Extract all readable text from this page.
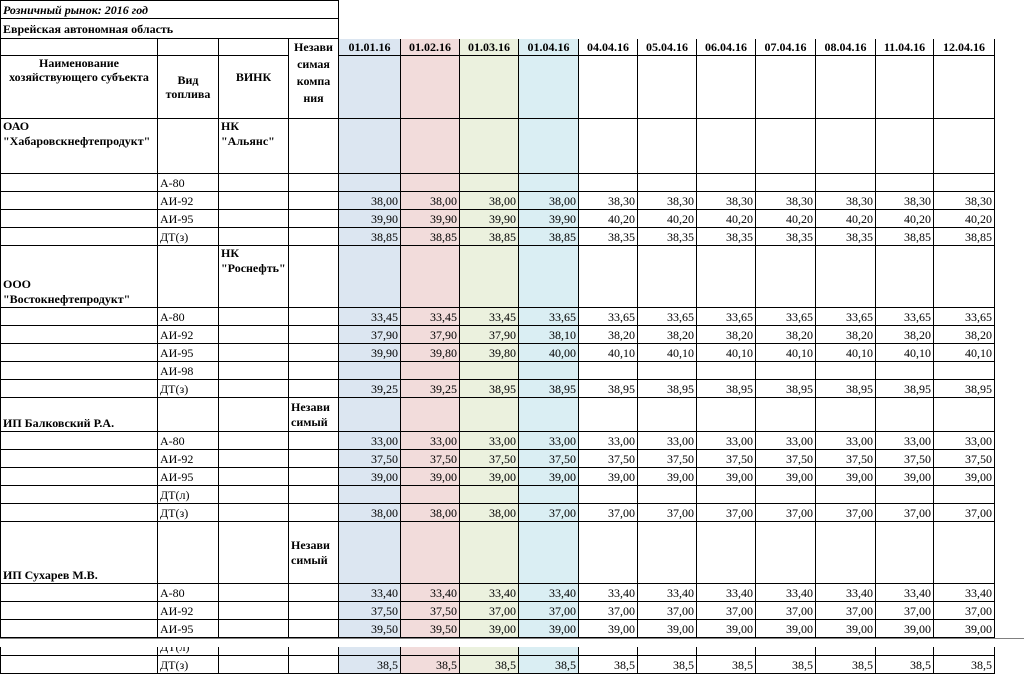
Розничный рынок: 2016 год														
Еврейская автономная область														
			Незави симая компа ния	01.01.16	01.02.16	01.03.16	01.04.16	04.04.16	05.04.16	06.04.16	07.04.16	08.04.16	11.04.16	12.04.16
Наименование хозяйствующего субъекта	Вид топлива	ВИНК												
ОАО "Хабаровскнефтепродукт"		НК "Альянс"												
	А-80													
	АИ-92			38,00	38,00	38,00	38,00	38,30	38,30	38,30	38,30	38,30	38,30	38,30
	АИ-95			39,90	39,90	39,90	39,90	40,20	40,20	40,20	40,20	40,20	40,20	40,20
	ДТ(з)			38,85	38,85	38,85	38,85	38,35	38,35	38,35	38,35	38,35	38,85	38,85
ООО "Востокнефтепродукт"		НК "Роснефть"												
	А-80			33,45	33,45	33,45	33,65	33,65	33,65	33,65	33,65	33,65	33,65	33,65
	АИ-92			37,90	37,90	37,90	38,10	38,20	38,20	38,20	38,20	38,20	38,20	38,20
	АИ-95			39,90	39,80	39,80	40,00	40,10	40,10	40,10	40,10	40,10	40,10	40,10
	АИ-98													
	ДТ(з)			39,25	39,25	38,95	38,95	38,95	38,95	38,95	38,95	38,95	38,95	38,95
ИП Балковский Р.А.			Незави симый											
	А-80			33,00	33,00	33,00	33,00	33,00	33,00	33,00	33,00	33,00	33,00	33,00
	АИ-92			37,50	37,50	37,50	37,50	37,50	37,50	37,50	37,50	37,50	37,50	37,50
	АИ-95			39,00	39,00	39,00	39,00	39,00	39,00	39,00	39,00	39,00	39,00	39,00
	ДТ(л)													
	ДТ(з)			38,00	38,00	38,00	37,00	37,00	37,00	37,00	37,00	37,00	37,00	37,00
ИП Сухарев М.В.			Незави симый											
	А-80			33,40	33,40	33,40	33,40	33,40	33,40	33,40	33,40	33,40	33,40	33,40
	АИ-92			37,50	37,50	37,00	37,00	37,00	37,00	37,00	37,00	37,00	37,00	37,00
	АИ-95			39,50	39,50	39,00	39,00	39,00	39,00	39,00	39,00	39,00	39,00	39,00

	ДТ(з)			38,5	38,5	38,5	38,5	38,5	38,5	38,5	38,5	38,5	38,5	38,5
